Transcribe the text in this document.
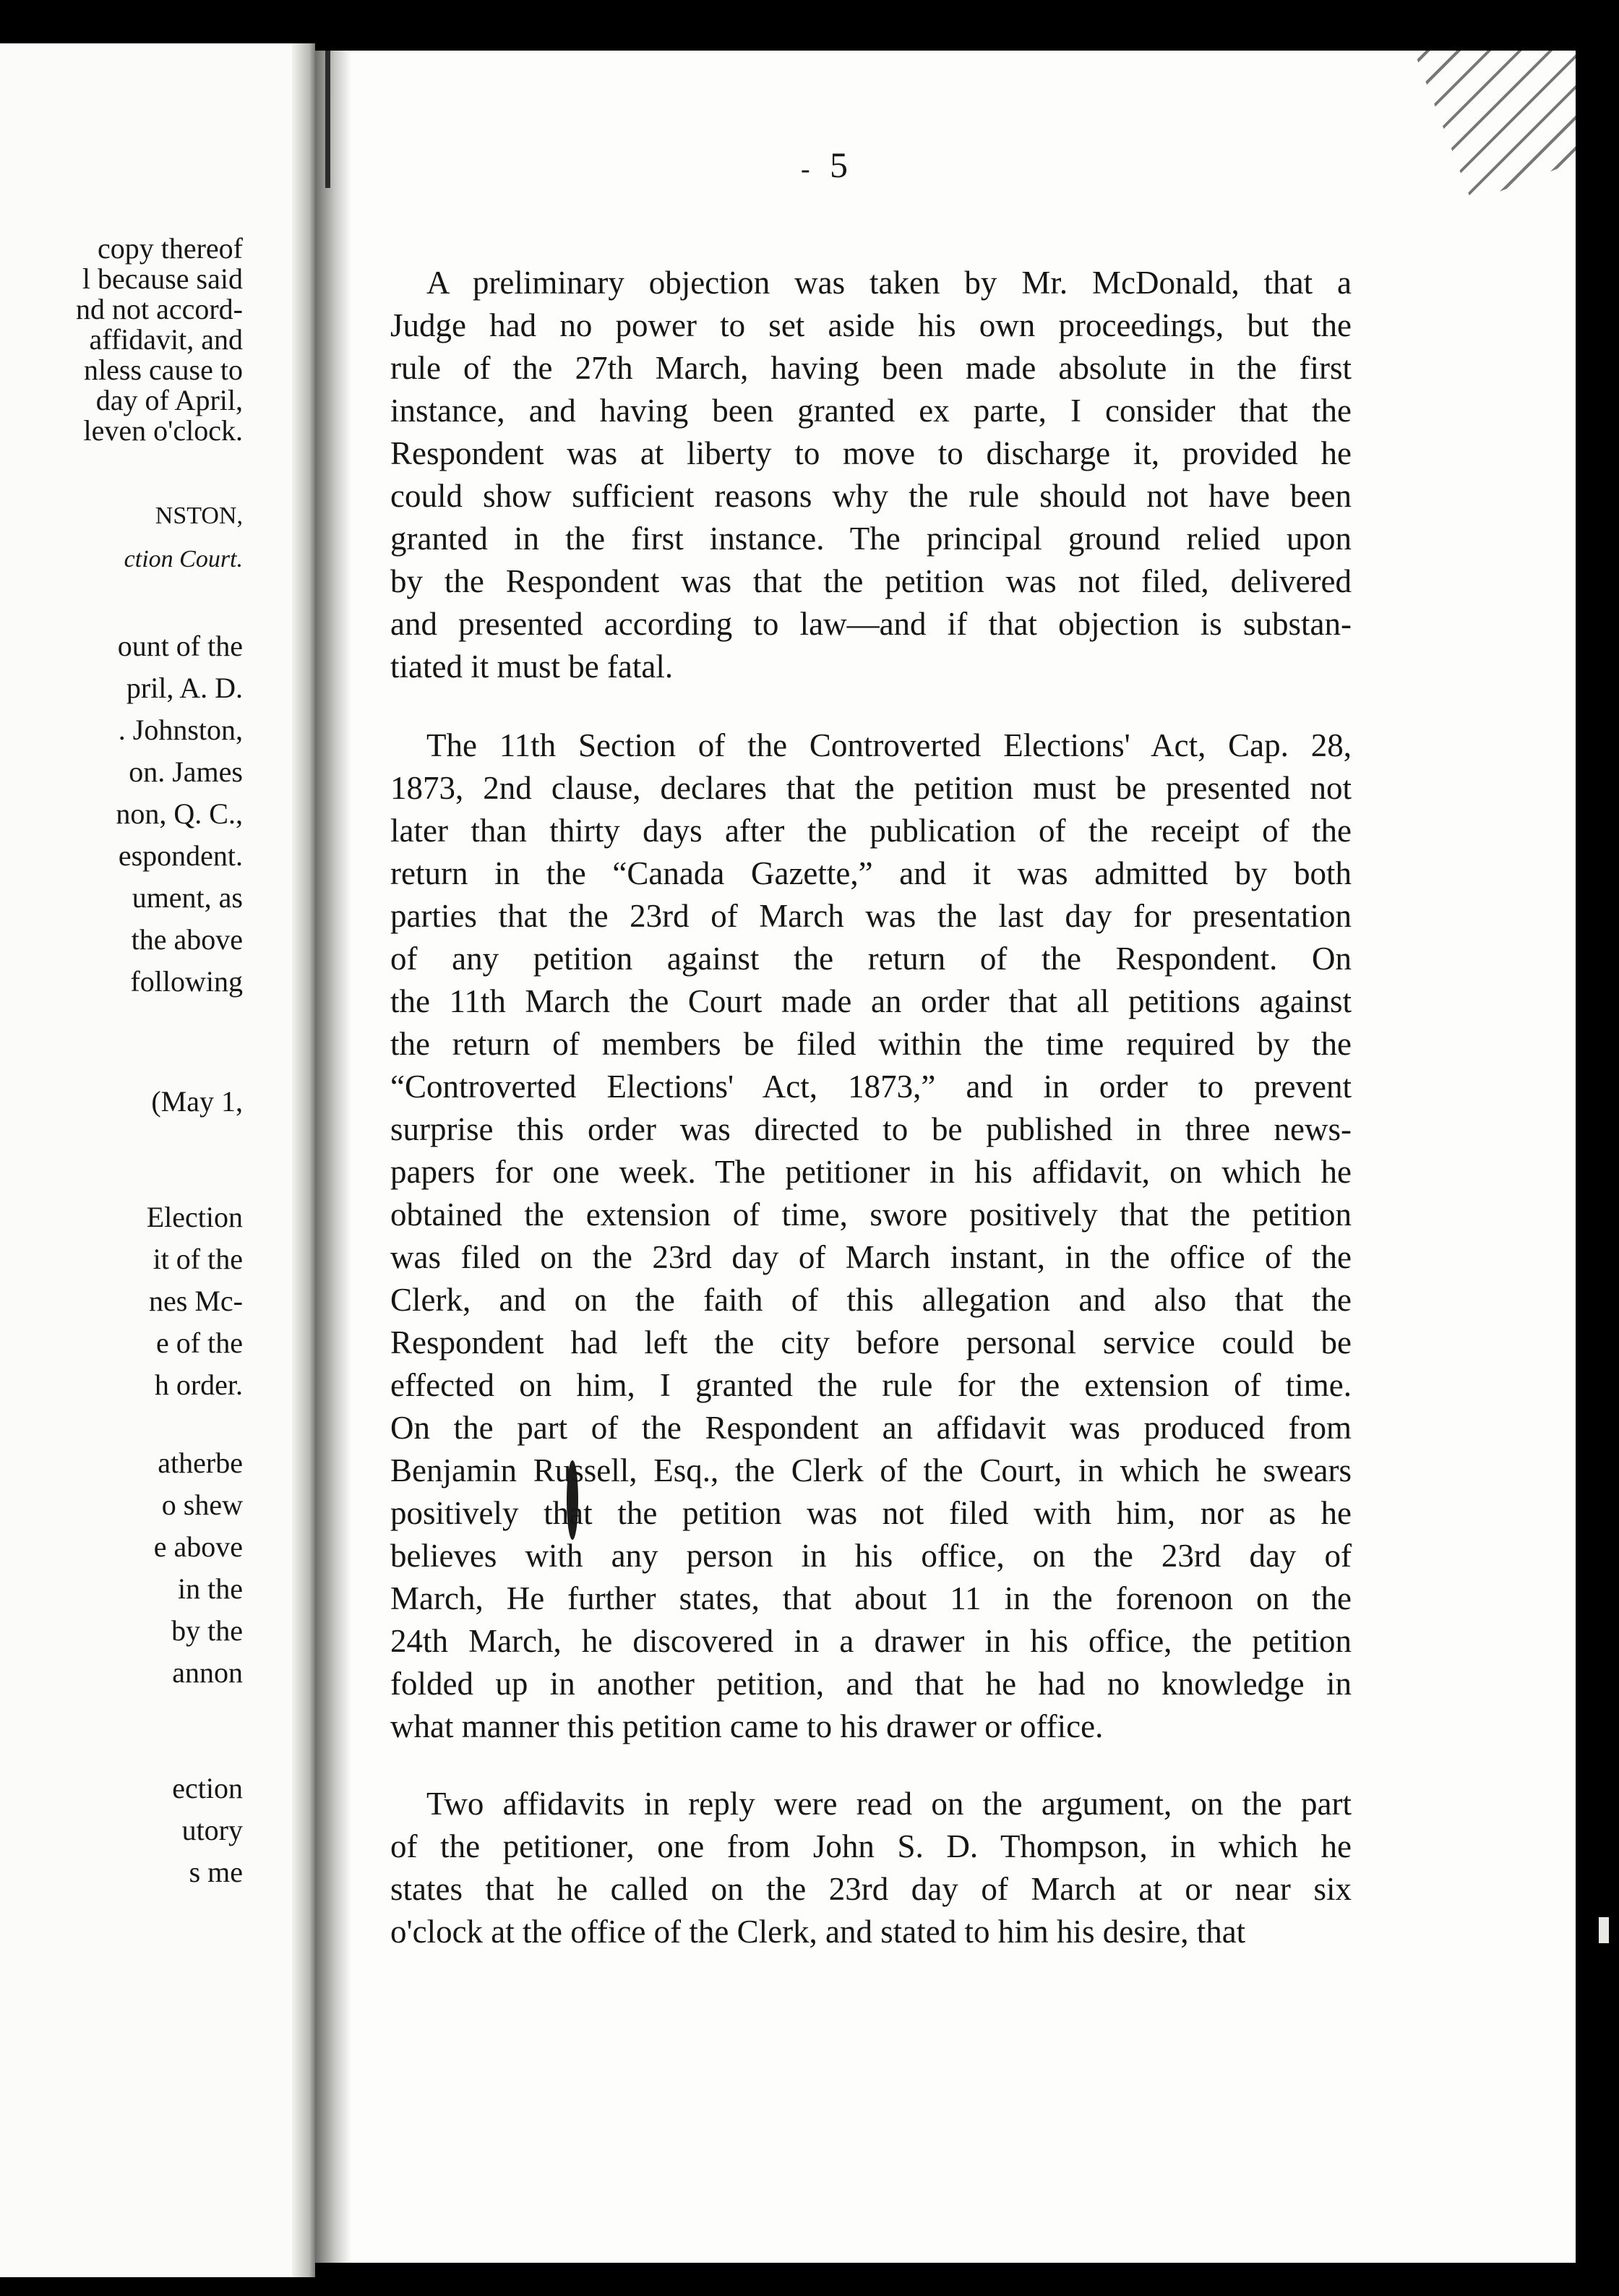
copy thereof
l because said
nd not accord-
affidavit, and
nless cause to
day of April,
leven o'clock.
NSTON,
ction Court.
ount of the
pril, A. D.
. Johnston,
on. James
non, Q. C.,
espondent.
ument, as
the above
following
(May 1,
Election
it of the
nes Mc-
e of the
h order.
atherbe
o shew
e above
in the
by the
annon
ection
utory
s me
- 5
A preliminary objection was taken by Mr. McDonald, that a
Judge had no power to set aside his own proceedings, but the
rule of the 27th March, having been made absolute in the first
instance, and having been granted ex parte, I consider that the
Respondent was at liberty to move to discharge it, provided he
could show sufficient reasons why the rule should not have been
granted in the first instance. The principal ground relied upon
by the Respondent was that the petition was not filed, delivered
and presented according to law—and if that objection is substan-
tiated it must be fatal.
The 11th Section of the Controverted Elections' Act, Cap. 28,
1873, 2nd clause, declares that the petition must be presented not
later than thirty days after the publication of the receipt of the
return in the “Canada Gazette,” and it was admitted by both
parties that the 23rd of March was the last day for presentation
of any petition against the return of the Respondent. On
the 11th March the Court made an order that all petitions against
the return of members be filed within the time required by the
“Controverted Elections' Act, 1873,” and in order to prevent
surprise this order was directed to be published in three news-
papers for one week. The petitioner in his affidavit, on which he
obtained the extension of time, swore positively that the petition
was filed on the 23rd day of March instant, in the office of the
Clerk, and on the faith of this allegation and also that the
Respondent had left the city before personal service could be
effected on him, I granted the rule for the extension of time.
On the part of the Respondent an affidavit was produced from
Benjamin Russell, Esq., the Clerk of the Court, in which he swears
positively that the petition was not filed with him, nor as he
believes with any person in his office, on the 23rd day of
March, He further states, that about 11 in the forenoon on the
24th March, he discovered in a drawer in his office, the petition
folded up in another petition, and that he had no knowledge in
what manner this petition came to his drawer or office.
Two affidavits in reply were read on the argument, on the part
of the petitioner, one from John S. D. Thompson, in which he
states that he called on the 23rd day of March at or near six
o'clock at the office of the Clerk, and stated to him his desire, that
